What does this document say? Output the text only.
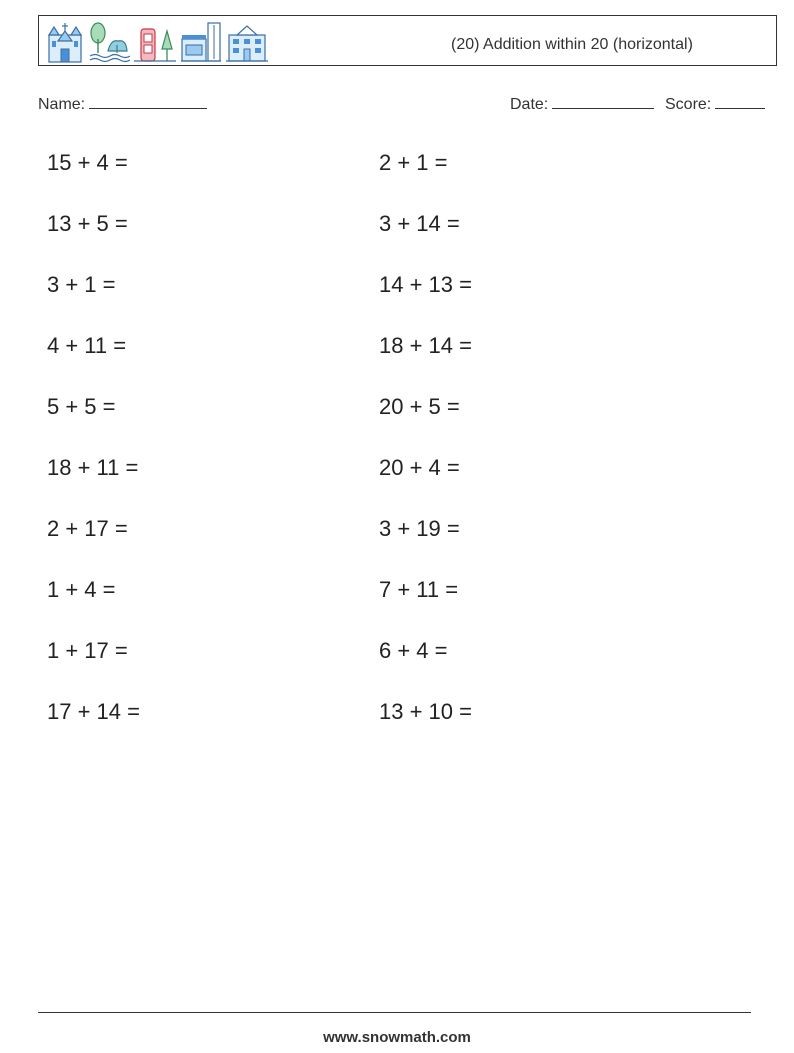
(20) Addition within 20 (horizontal)
Name:	Date:	Score:
15 + 4 =
13 + 5 =
3 + 1 =
4 + 11 =
5 + 5 =
18 + 11 =
2 + 17 =
1 + 4 =
1 + 17 =
17 + 14 =
2 + 1 =
3 + 14 =
14 + 13 =
18 + 14 =
20 + 5 =
20 + 4 =
3 + 19 =
7 + 11 =
6 + 4 =
13 + 10 =
www.snowmath.com
